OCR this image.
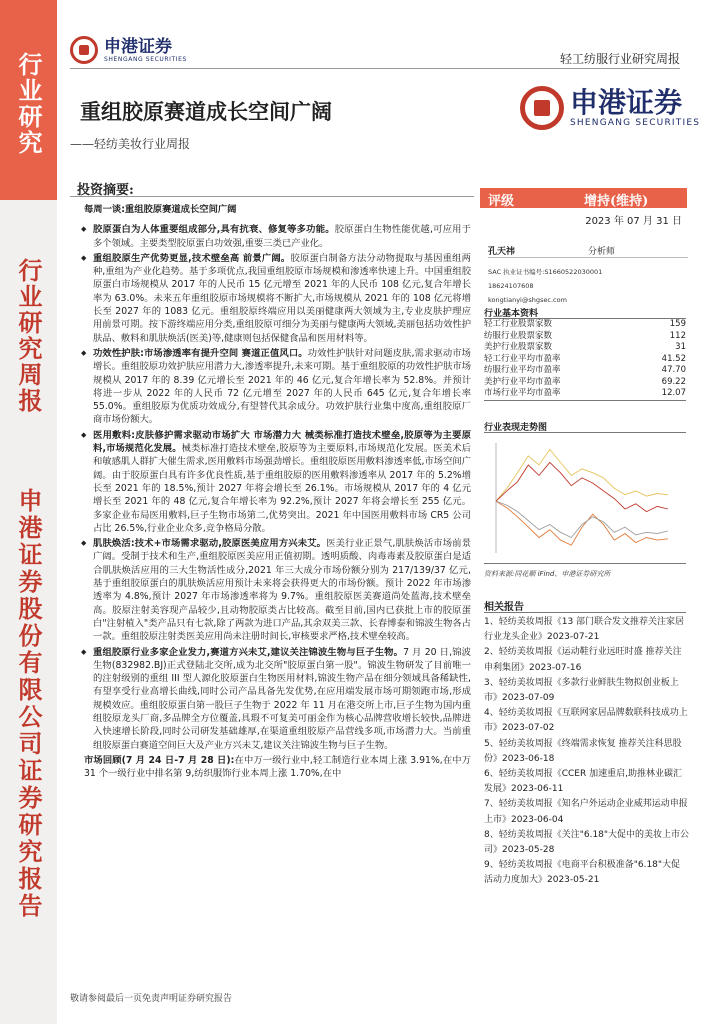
行业研究
行业研究周报
申港证券股份有限公司证券研究报告
申港证券
SHENGANG SECURITIES	轻工纺服行业研究周报
重组胶原赛道成长空间广阔
——轻纺美妆行业周报
申港证券
SHENGANG SECURITIES
投资摘要:

每周一谈:重组胶原赛道成长空间广阔

◆ 胶原蛋白为人体重要组成部分,具有抗衰、修复等多功能。胶原蛋白生物性能优越,可应用于多个领域。主要类型胶原蛋白功效强,重要三类已产业化。

◆ 重组胶原生产优势更显,技术壁垒高 前景广阔。胶原蛋白制备方法分动物提取与基因重组两种,重组为产业化趋势。基于多项优点,我国重组胶原市场规模和渗透率快速上升。中国重组胶原蛋白市场规模从 2017 年的人民币 15 亿元增至 2021 年的人民币 108 亿元,复合年增长率为 63.0%。未来五年重组胶原市场规模将不断扩大,市场规模从 2021 年的 108 亿元将增长至 2027 年的 1083 亿元。重组胶原终端应用以美丽健康两大领域为主,专业皮肤护理应用前景可期。按下游终端应用分类,重组胶原可细分为美丽与健康两大领域,美丽包括功效性护肤品、敷料和肌肤焕活(医美)等,健康则包括保健食品和医用材料等。

◆ 功效性护肤:市场渗透率有提升空间 赛道正值风口。功效性护肤针对问题皮肤,需求驱动市场增长。重组胶原功效护肤应用潜力大,渗透率提升,未来可期。基于重组胶原的功效性护肤市场规模从 2017 年的 8.39 亿元增长至 2021 年的 46 亿元,复合年增长率为 52.8%。并预计将进一步从 2022 年的人民币 72 亿元增至 2027 年的人民币 645 亿元,复合年增长率 55.0%。重组胶原为优质功效成分,有望替代其余成分。功效护肤行业集中度高,重组胶原厂商市场份额大。

◆ 医用敷料:皮肤修护需求驱动市场扩大 市场潜力大 械类标准打造技术壁垒,胶原等为主要原料,市场规范化发展。械类标准打造技术壁垒,胶原等为主要原料,市场规范化发展。医美术后和敏感肌人群扩大催生需求,医用敷料市场强劲增长。重组胶原医用敷料渗透率低,市场空间广阔。由于胶原蛋白具有许多优良性质,基于重组胶原的医用敷料渗透率从 2017 年的 5.2%增长至 2021 年的 18.5%,预计 2027 年将会增长至 26.1%。市场规模从 2017 年的 4 亿元增长至 2021 年的 48 亿元,复合年增长率为 92.2%,预计 2027 年将会增长至 255 亿元。多家企业布局医用敷料,巨子生物市场第二,优势突出。2021 年中国医用敷料市场 CR5 公司占比 26.5%,行业企业众多,竞争格局分散。

◆ 肌肤焕活:技术+市场需求驱动,胶原医美应用方兴未艾。医美行业正景气,肌肤焕活市场前景广阔。受制于技术和生产,重组胶原医美应用正值初期。透明质酸、肉毒毒素及胶原蛋白是适合肌肤焕活应用的三大生物活性成分,2021 年三大成分市场份额分别为 217/139/37 亿元,基于重组胶原蛋白的肌肤焕活应用预计未来将会获得更大的市场份额。预计 2022 年市场渗透率为 4.8%,预计 2027 年市场渗透率将为 9.7%。重组胶原医美赛道尚处蓝海,技术壁垒高。胶原注射美容现产品较少,且动物胶原类占比较高。截至目前,国内已获批上市的胶原蛋白"注射植入"类产品只有七款,除了两款为进口产品,其余双美三款、长春博泰和锦波生物各占一款。重组胶原注射类医美应用尚未注册时间长,审核要求严格,技术壁垒较高。

◆ 重组胶原行业多家企业发力,赛道方兴未艾,建议关注锦波生物与巨子生物。7 月 20 日,锦波生物(832982.BJ)正式登陆北交所,成为北交所"胶原蛋白第一股"。锦波生物研发了目前唯一的注射级别的重组 III 型人源化胶原蛋白生物医用材料,锦波生物产品在细分领域具备稀缺性,有望享受行业高增长曲线,同时公司产品具备先发优势,在应用端发展市场可期领跑市场,形成规模效应。重组胶原蛋白第一股巨子生物于 2022 年 11 月在港交所上市,巨子生物为国内重组胶原龙头厂商,多品牌全方位覆盖,具瑕不可复美可丽金作为核心品牌营收增长较快,品牌进入快速增长阶段,同时公司研发基础雄厚,在渠道重组胶原产品营线多项,市场潜力大。当前重组胶原蛋白赛道空间巨大及产业方兴未艾,建议关注锦波生物与巨子生物。

市场回顾(7 月 24 日-7 月 28 日):在中万一级行业中,轻工制造行业本周上涨 3.91%,在中万 31 个一级行业中排名第 9,纺织服饰行业本周上涨 1.70%,在中

评级	增持(维持)
2023 年 07 月 31 日
孔天祎	分析师
SAC 执业证书编号:S1660522030001
18624107608
kongtianyi@shgsec.com
行业基本资料
轻工行业股票家数	159
纺服行业股票家数	112
美护行业股票家数	31
轻工行业平均市盈率	41.52
纺服行业平均市盈率	47.70
美护行业平均市盈率	69.22
市场行业平均市盈率	12.07
行业表现走势图
资料来源:同花顺 iFind、申港证券研究所
相关报告

1、轻纺美妆周报《13 部门联合发文推荐关注家居行业龙头企业》2023-07-21

2、轻纺美妆周报《运动鞋行业远旺时盛 推荐关注申利集团》2023-07-16

3、轻纺美妆周报《多款行业鲜肤生物拟创业板上市》2023-07-09

4、轻纺美妆周报《互联网家居品牌数联科技成功上市》2023-07-02

5、轻纺美妆周报《终端需求恢复 推荐关注科思股份》2023-06-18

6、轻纺美妆周报《CCER 加速重启,助推林业碳汇发展》2023-06-11

7、轻纺美妆周报《知名户外运动企业威邦运动申报上市》2023-06-04

8、轻纺美妆周报《关注"6.18"大促中的美妆上市公司》2023-05-28

9、轻纺美妆周报《电商平台积极准备"6.18"大促 活动力度加大》2023-05-21

敬请参阅最后一页免责声明证券研究报告
